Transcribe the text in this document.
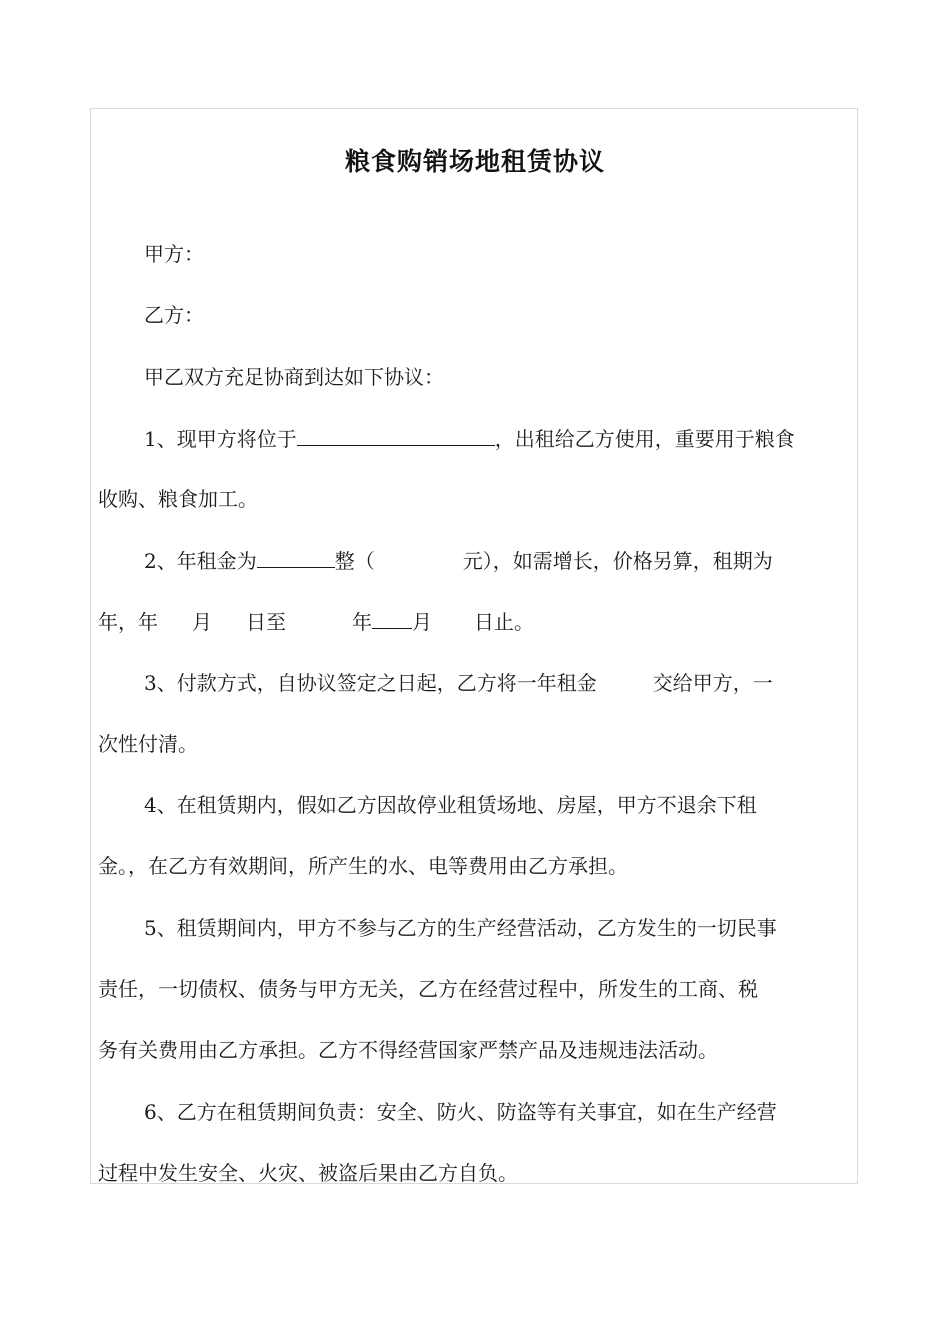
粮食购销场地租赁协议
甲方：
乙方：
甲乙双方充足协商到达如下协议：
1、现甲方将位于	，出租给乙方使用，重要用于粮食
收购、粮食加工。
2、年租金为	整（	元），如需增长，价格另算，租期为
年，年 月 日至	年 月 日止。
3、付款方式，自协议签定之日起，乙方将一年租金	交给甲方，一
次性付清。
4、在租赁期内，假如乙方因故停业租赁场地、房屋，甲方不退余下租
金。，在乙方有效期间，所产生的水、电等费用由乙方承担。
5、租赁期间内，甲方不参与乙方的生产经营活动，乙方发生的一切民事
责任，一切债权、债务与甲方无关，乙方在经营过程中，所发生的工商、税
务有关费用由乙方承担。乙方不得经营国家严禁产品及违规违法活动。
6、乙方在租赁期间负责：安全、防火、防盗等有关事宜，如在生产经营
过程中发生安全、火灾、被盗后果由乙方自负。
